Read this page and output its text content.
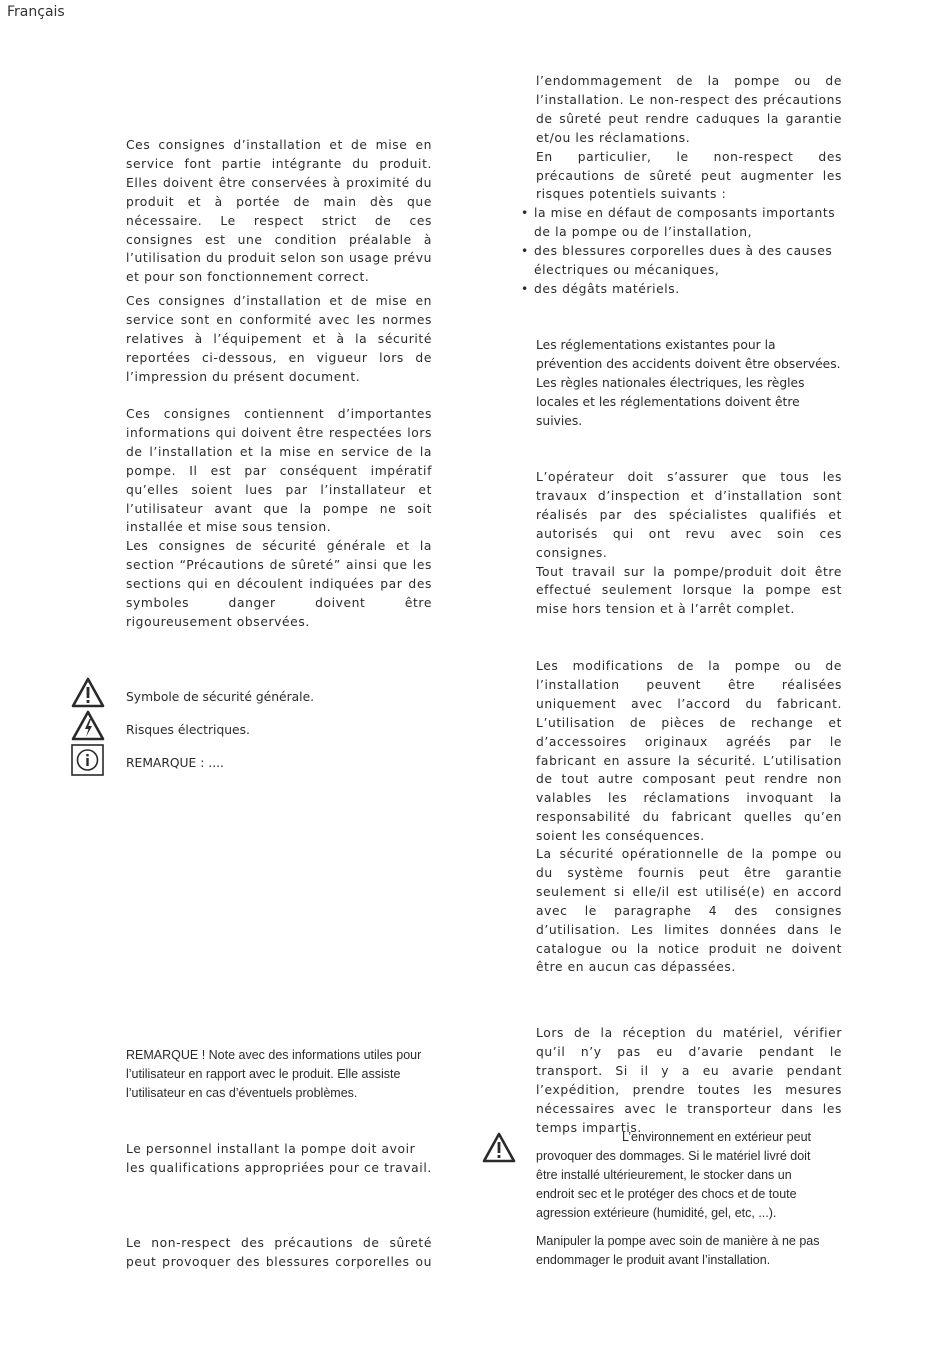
Français

Ces consignes d’installation et de mise en service font partie intégrante du produit. Elles doivent être conservées à proximité du produit et à portée de main dès que nécessaire. Le respect strict de ces consignes est une condition préalable à l’utilisation du produit selon son usage prévu et pour son fonctionnement correct.

Ces consignes d’installation et de mise en service sont en conformité avec les normes relatives à l’équipement et à la sécurité reportées ci-dessous, en vigueur lors de l’impression du présent document.

Ces consignes contiennent d’importantes informations qui doivent être respectées lors de l’installation et la mise en service de la pompe. Il est par conséquent impératif qu’elles soient lues par l’installateur et l’utilisateur avant que la pompe ne soit installée et mise sous tension.

Les consignes de sécurité générale et la section “Précautions de sûreté” ainsi que les sections qui en découlent indiquées par des symboles danger doivent être rigoureusement observées.

Symbole de sécurité générale.
Risques électriques.
REMARQUE : ....
REMARQUE ! Note avec des informations utiles pour l’utilisateur en rapport avec le produit. Elle assiste l’utilisateur en cas d’éventuels problèmes.
Le personnel installant la pompe doit avoir les qualifications appropriées pour ce travail.
Le non-respect des précautions de sûreté peut provoquer des blessures corporelles ou

l’endommagement de la pompe ou de l’installation. Le non-respect des précautions de sûreté peut rendre caduques la garantie et/ou les réclamations.

En particulier, le non-respect des précautions de sûreté peut augmenter les risques potentiels suivants :

• la mise en défaut de composants importants de la pompe ou de l’installation,
• des blessures corporelles dues à des causes électriques ou mécaniques,
• des dégâts matériels.

Les réglementations existantes pour la prévention des accidents doivent être observées.

Les règles nationales électriques, les règles locales et les réglementations doivent être suivies.

L’opérateur doit s’assurer que tous les travaux d’inspection et d’installation sont réalisés par des spécialistes qualifiés et autorisés qui ont revu avec soin ces consignes.

Tout travail sur la pompe/produit doit être effectué seulement lorsque la pompe est mise hors tension et à l’arrêt complet.

Les modifications de la pompe ou de l’installation peuvent être réalisées uniquement avec l’accord du fabricant. L’utilisation de pièces de rechange et d’accessoires originaux agréés par le fabricant en assure la sécurité. L’utilisation de tout autre composant peut rendre non valables les réclamations invoquant la responsabilité du fabricant quelles qu’en soient les conséquences.
La sécurité opérationnelle de la pompe ou du système fournis peut être garantie seulement si elle/il est utilisé(e) en accord avec le paragraphe 4 des consignes d’utilisation. Les limites données dans le catalogue ou la notice produit ne doivent être en aucun cas dépassées.
Lors de la réception du matériel, vérifier qu’il n’y pas eu d’avarie pendant le transport. Si il y a eu avarie pendant l’expédition, prendre toutes les mesures nécessaires avec le transporteur dans les temps impartis.
L’environnement en extérieur peut provoquer des dommages. Si le matériel livré doit être installé ultérieurement, le stocker dans un endroit sec et le protéger des chocs et de toute agression extérieure (humidité, gel, etc, ...).
Manipuler la pompe avec soin de manière à ne pas endommager le produit avant l’installation.
